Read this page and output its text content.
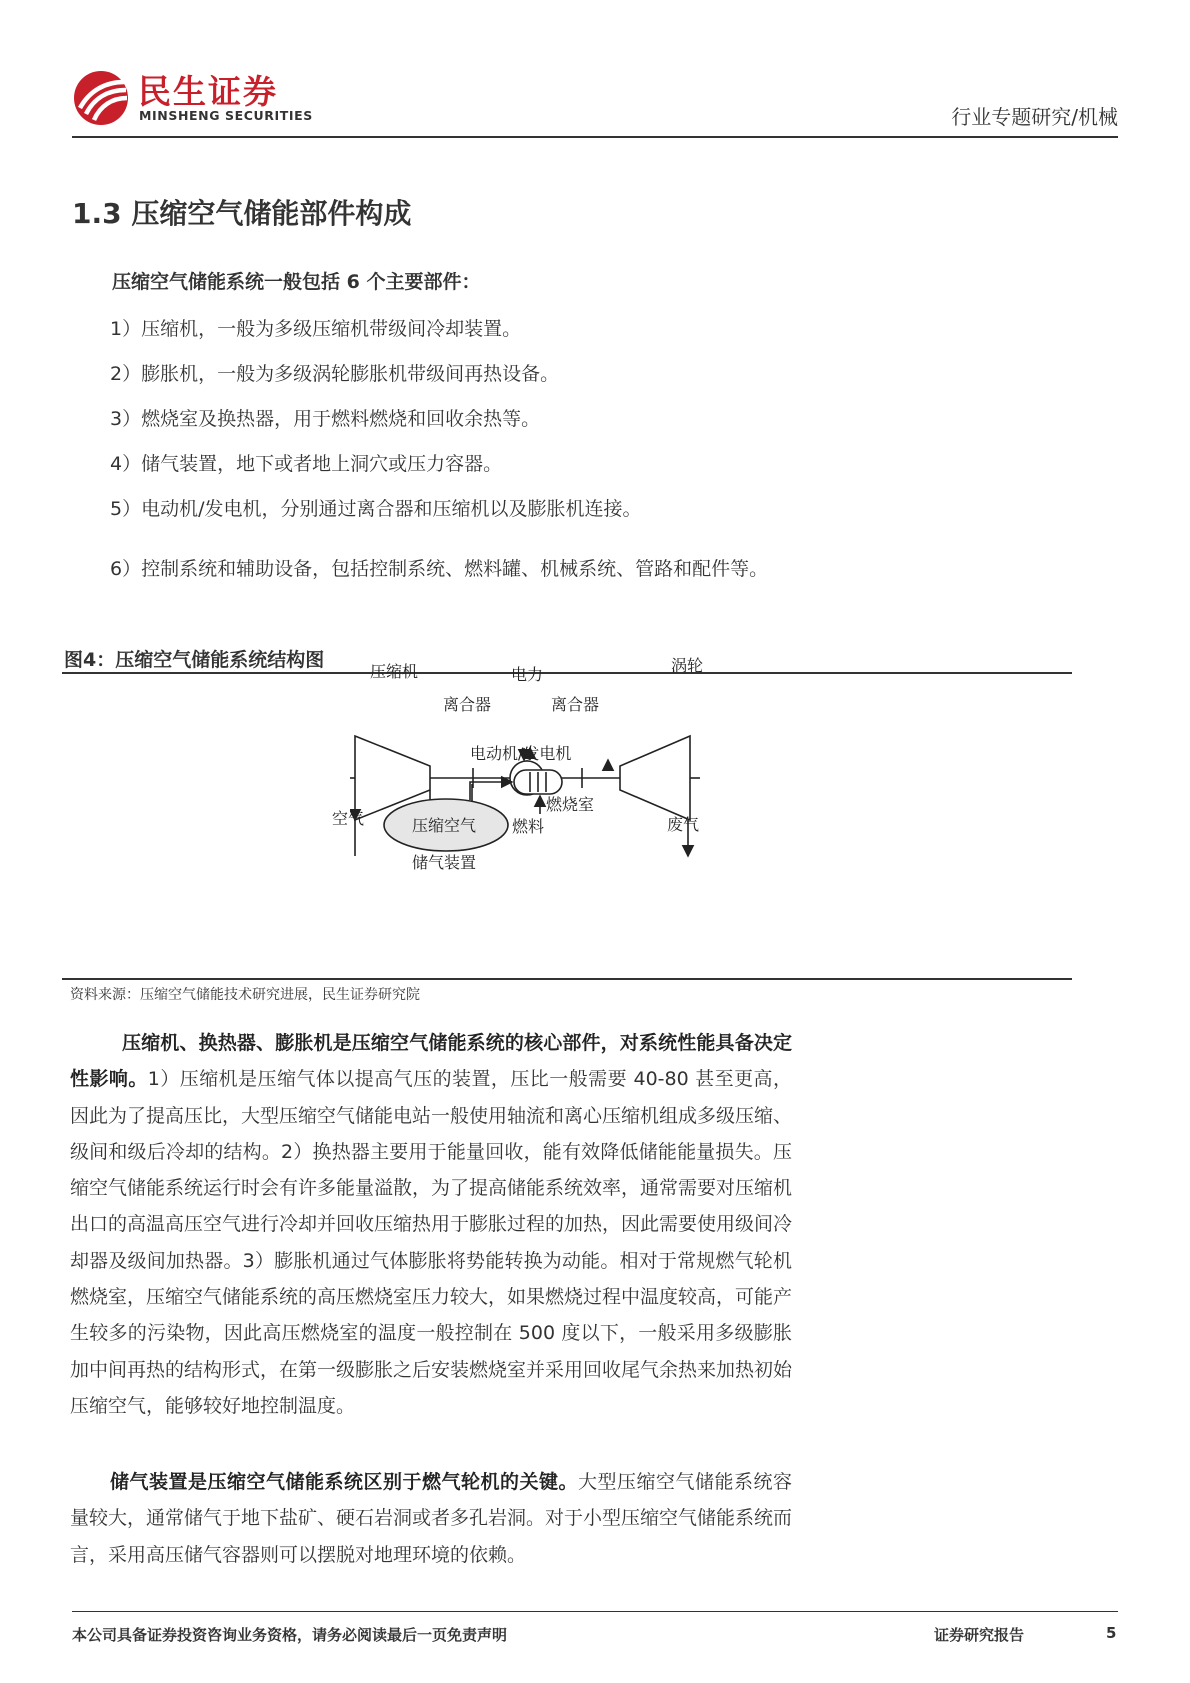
民生证券
MINSHENG SECURITIES	行业专题研究/机械
1.3 压缩空气储能部件构成
压缩空气储能系统一般包括 6 个主要部件：
1）压缩机，一般为多级压缩机带级间冷却装置。
2）膨胀机，一般为多级涡轮膨胀机带级间再热设备。
3）燃烧室及换热器，用于燃料燃烧和回收余热等。
4）储气装置，地下或者地上洞穴或压力容器。
5）电动机/发电机，分别通过离合器和压缩机以及膨胀机连接。
6）控制系统和辅助设备，包括控制系统、燃料罐、机械系统、管路和配件等。
图4：压缩空气储能系统结构图
压缩机	电力	涡轮
离合器	离合器
电动机/发电机
燃烧室
空气	压缩空气 燃料	废气
储气装置
资料来源：压缩空气储能技术研究进展，民生证券研究院
压缩机、换热器、膨胀机是压缩空气储能系统的核心部件，对系统性能具备决定性影响。1）压缩机是压缩气体以提高气压的装置，压比一般需要 40-80 甚至更高，因此为了提高压比，大型压缩空气储能电站一般使用轴流和离心压缩机组成多级压缩、级间和级后冷却的结构。2）换热器主要用于能量回收，能有效降低储能能量损失。压缩空气储能系统运行时会有许多能量溢散，为了提高储能系统效率，通常需要对压缩机出口的高温高压空气进行冷却并回收压缩热用于膨胀过程的加热，因此需要使用级间冷却器及级间加热器。3）膨胀机通过气体膨胀将势能转换为动能。相对于常规燃气轮机燃烧室，压缩空气储能系统的高压燃烧室压力较大，如果燃烧过程中温度较高，可能产生较多的污染物，因此高压燃烧室的温度一般控制在 500 度以下，一般采用多级膨胀加中间再热的结构形式，在第一级膨胀之后安装燃烧室并采用回收尾气余热来加热初始压缩空气，能够较好地控制温度。
储气装置是压缩空气储能系统区别于燃气轮机的关键。大型压缩空气储能系统容量较大，通常储气于地下盐矿、硬石岩洞或者多孔岩洞。对于小型压缩空气储能系统而言，采用高压储气容器则可以摆脱对地理环境的依赖。
本公司具备证券投资咨询业务资格，请务必阅读最后一页免责声明	证券研究报告	5
